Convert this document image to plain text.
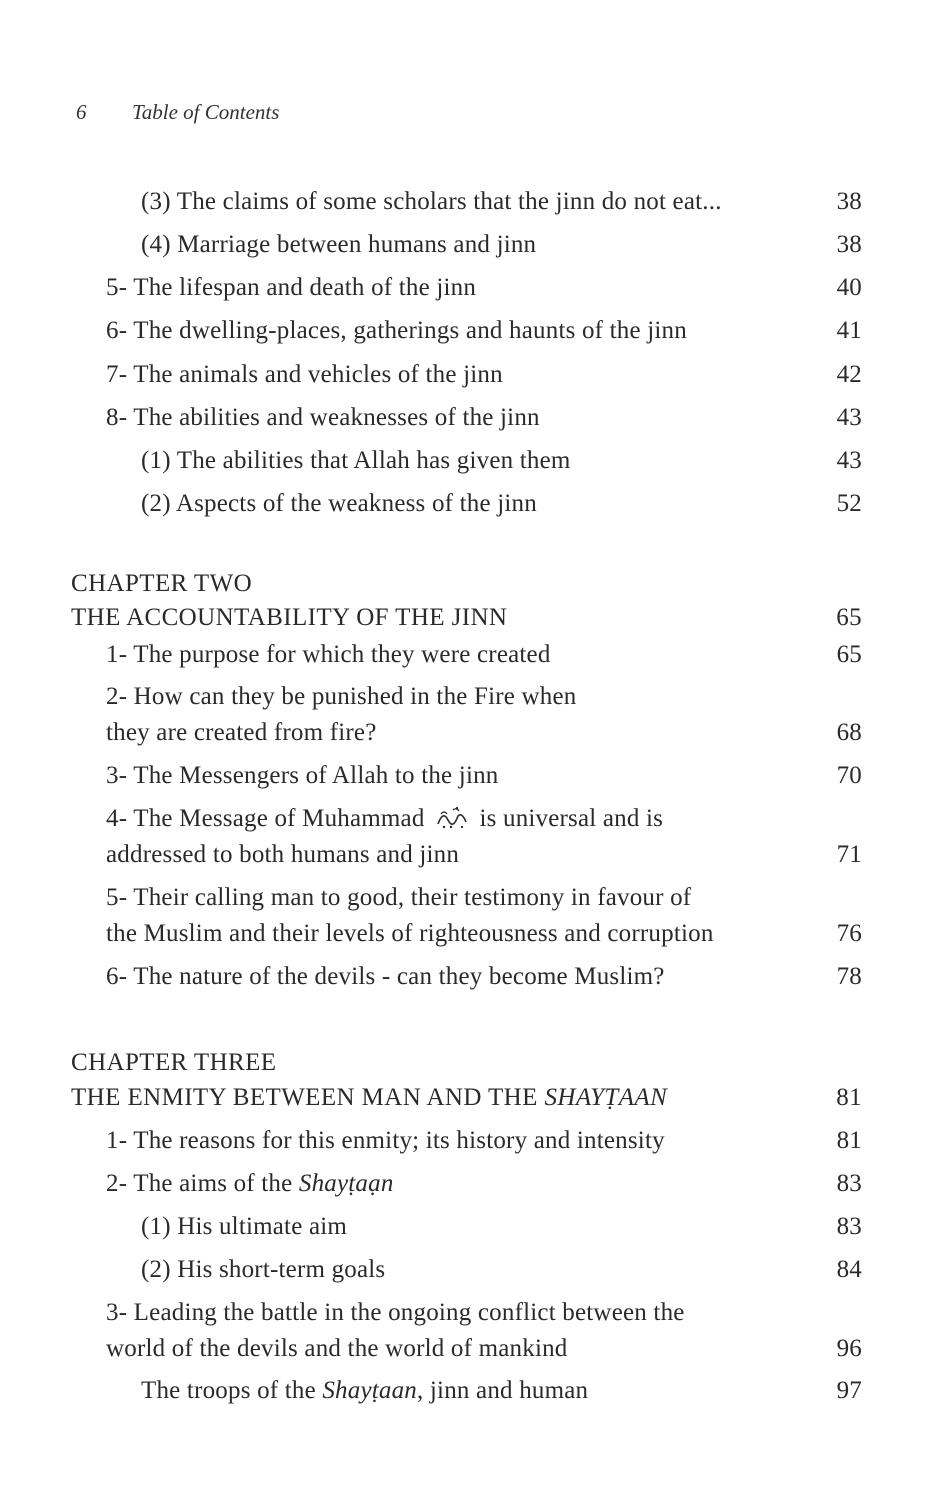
6 Table of Contents
(3) The claims of some scholars that the jinn do not eat...	38
(4) Marriage between humans and jinn	38
5- The lifespan and death of the jinn	40
6- The dwelling-places, gatherings and haunts of the jinn	41
7- The animals and vehicles of the jinn	42
8- The abilities and weaknesses of the jinn	43
(1) The abilities that Allah has given them	43
(2) Aspects of the weakness of the jinn	52
CHAPTER TWO
THE ACCOUNTABILITY OF THE JINN	65
1- The purpose for which they were created	65
2- How can they be punished in the Fire when
they are created from fire?	68
3- The Messengers of Allah to the jinn	70
4- The Message of Muhammad is universal and is
addressed to both humans and jinn	71
5- Their calling man to good, their testimony in favour of
the Muslim and their levels of righteousness and corruption	76
6- The nature of the devils - can they become Muslim?	78
CHAPTER THREE
THE ENMITY BETWEEN MAN AND THE SHAYṬAAN	81
1- The reasons for this enmity; its history and intensity	81
2- The aims of the Shayṭaạn	83
(1) His ultimate aim	83
(2) His short-term goals	84
3- Leading the battle in the ongoing conflict between the
world of the devils and the world of mankind	96
The troops of the Shayṭaan, jinn and human	97
